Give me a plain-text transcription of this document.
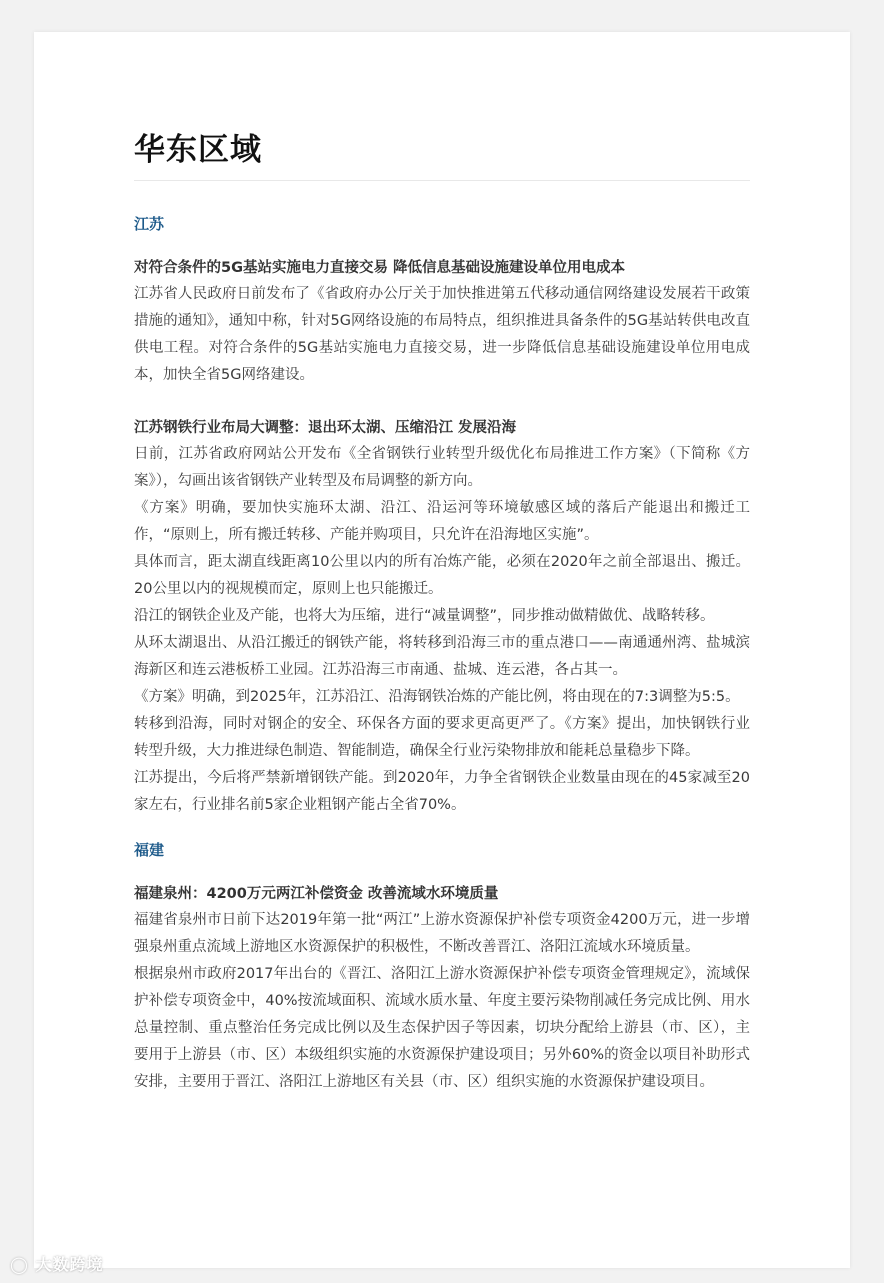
华东区域

江苏

对符合条件的5G基站实施电力直接交易 降低信息基础设施建设单位用电成本

江苏省人民政府日前发布了《省政府办公厅关于加快推进第五代移动通信网络建设发展若干政策措施的通知》，通知中称，针对5G网络设施的布局特点，组织推进具备条件的5G基站转供电改直供电工程。对符合条件的5G基站实施电力直接交易，进一步降低信息基础设施建设单位用电成本，加快全省5G网络建设。

江苏钢铁行业布局大调整：退出环太湖、压缩沿江 发展沿海

日前，江苏省政府网站公开发布《全省钢铁行业转型升级优化布局推进工作方案》（下简称《方案》），勾画出该省钢铁产业转型及布局调整的新方向。

《方案》明确，要加快实施环太湖、沿江、沿运河等环境敏感区域的落后产能退出和搬迁工作，“原则上，所有搬迁转移、产能并购项目，只允许在沿海地区实施”。

具体而言，距太湖直线距离10公里以内的所有冶炼产能，必须在2020年之前全部退出、搬迁。20公里以内的视规模而定，原则上也只能搬迁。

沿江的钢铁企业及产能，也将大为压缩，进行“减量调整”，同步推动做精做优、战略转移。

从环太湖退出、从沿江搬迁的钢铁产能，将转移到沿海三市的重点港口——南通通州湾、盐城滨海新区和连云港板桥工业园。江苏沿海三市南通、盐城、连云港，各占其一。

《方案》明确，到2025年，江苏沿江、沿海钢铁冶炼的产能比例，将由现在的7:3调整为5:5。

转移到沿海，同时对钢企的安全、环保各方面的要求更高更严了。《方案》提出，加快钢铁行业转型升级，大力推进绿色制造、智能制造，确保全行业污染物排放和能耗总量稳步下降。

江苏提出，今后将严禁新增钢铁产能。到2020年，力争全省钢铁企业数量由现在的45家减至20家左右，行业排名前5家企业粗钢产能占全省70%。

福建

福建泉州：4200万元两江补偿资金 改善流域水环境质量

福建省泉州市日前下达2019年第一批“两江”上游水资源保护补偿专项资金4200万元，进一步增强泉州重点流域上游地区水资源保护的积极性，不断改善晋江、洛阳江流域水环境质量。

根据泉州市政府2017年出台的《晋江、洛阳江上游水资源保护补偿专项资金管理规定》，流域保护补偿专项资金中，40%按流域面积、流域水质水量、年度主要污染物削减任务完成比例、用水总量控制、重点整治任务完成比例以及生态保护因子等因素，切块分配给上游县（市、区），主要用于上游县（市、区）本级组织实施的水资源保护建设项目；另外60%的资金以项目补助形式安排，主要用于晋江、洛阳江上游地区有关县（市、区）组织实施的水资源保护建设项目。

◯ 大数跨境
